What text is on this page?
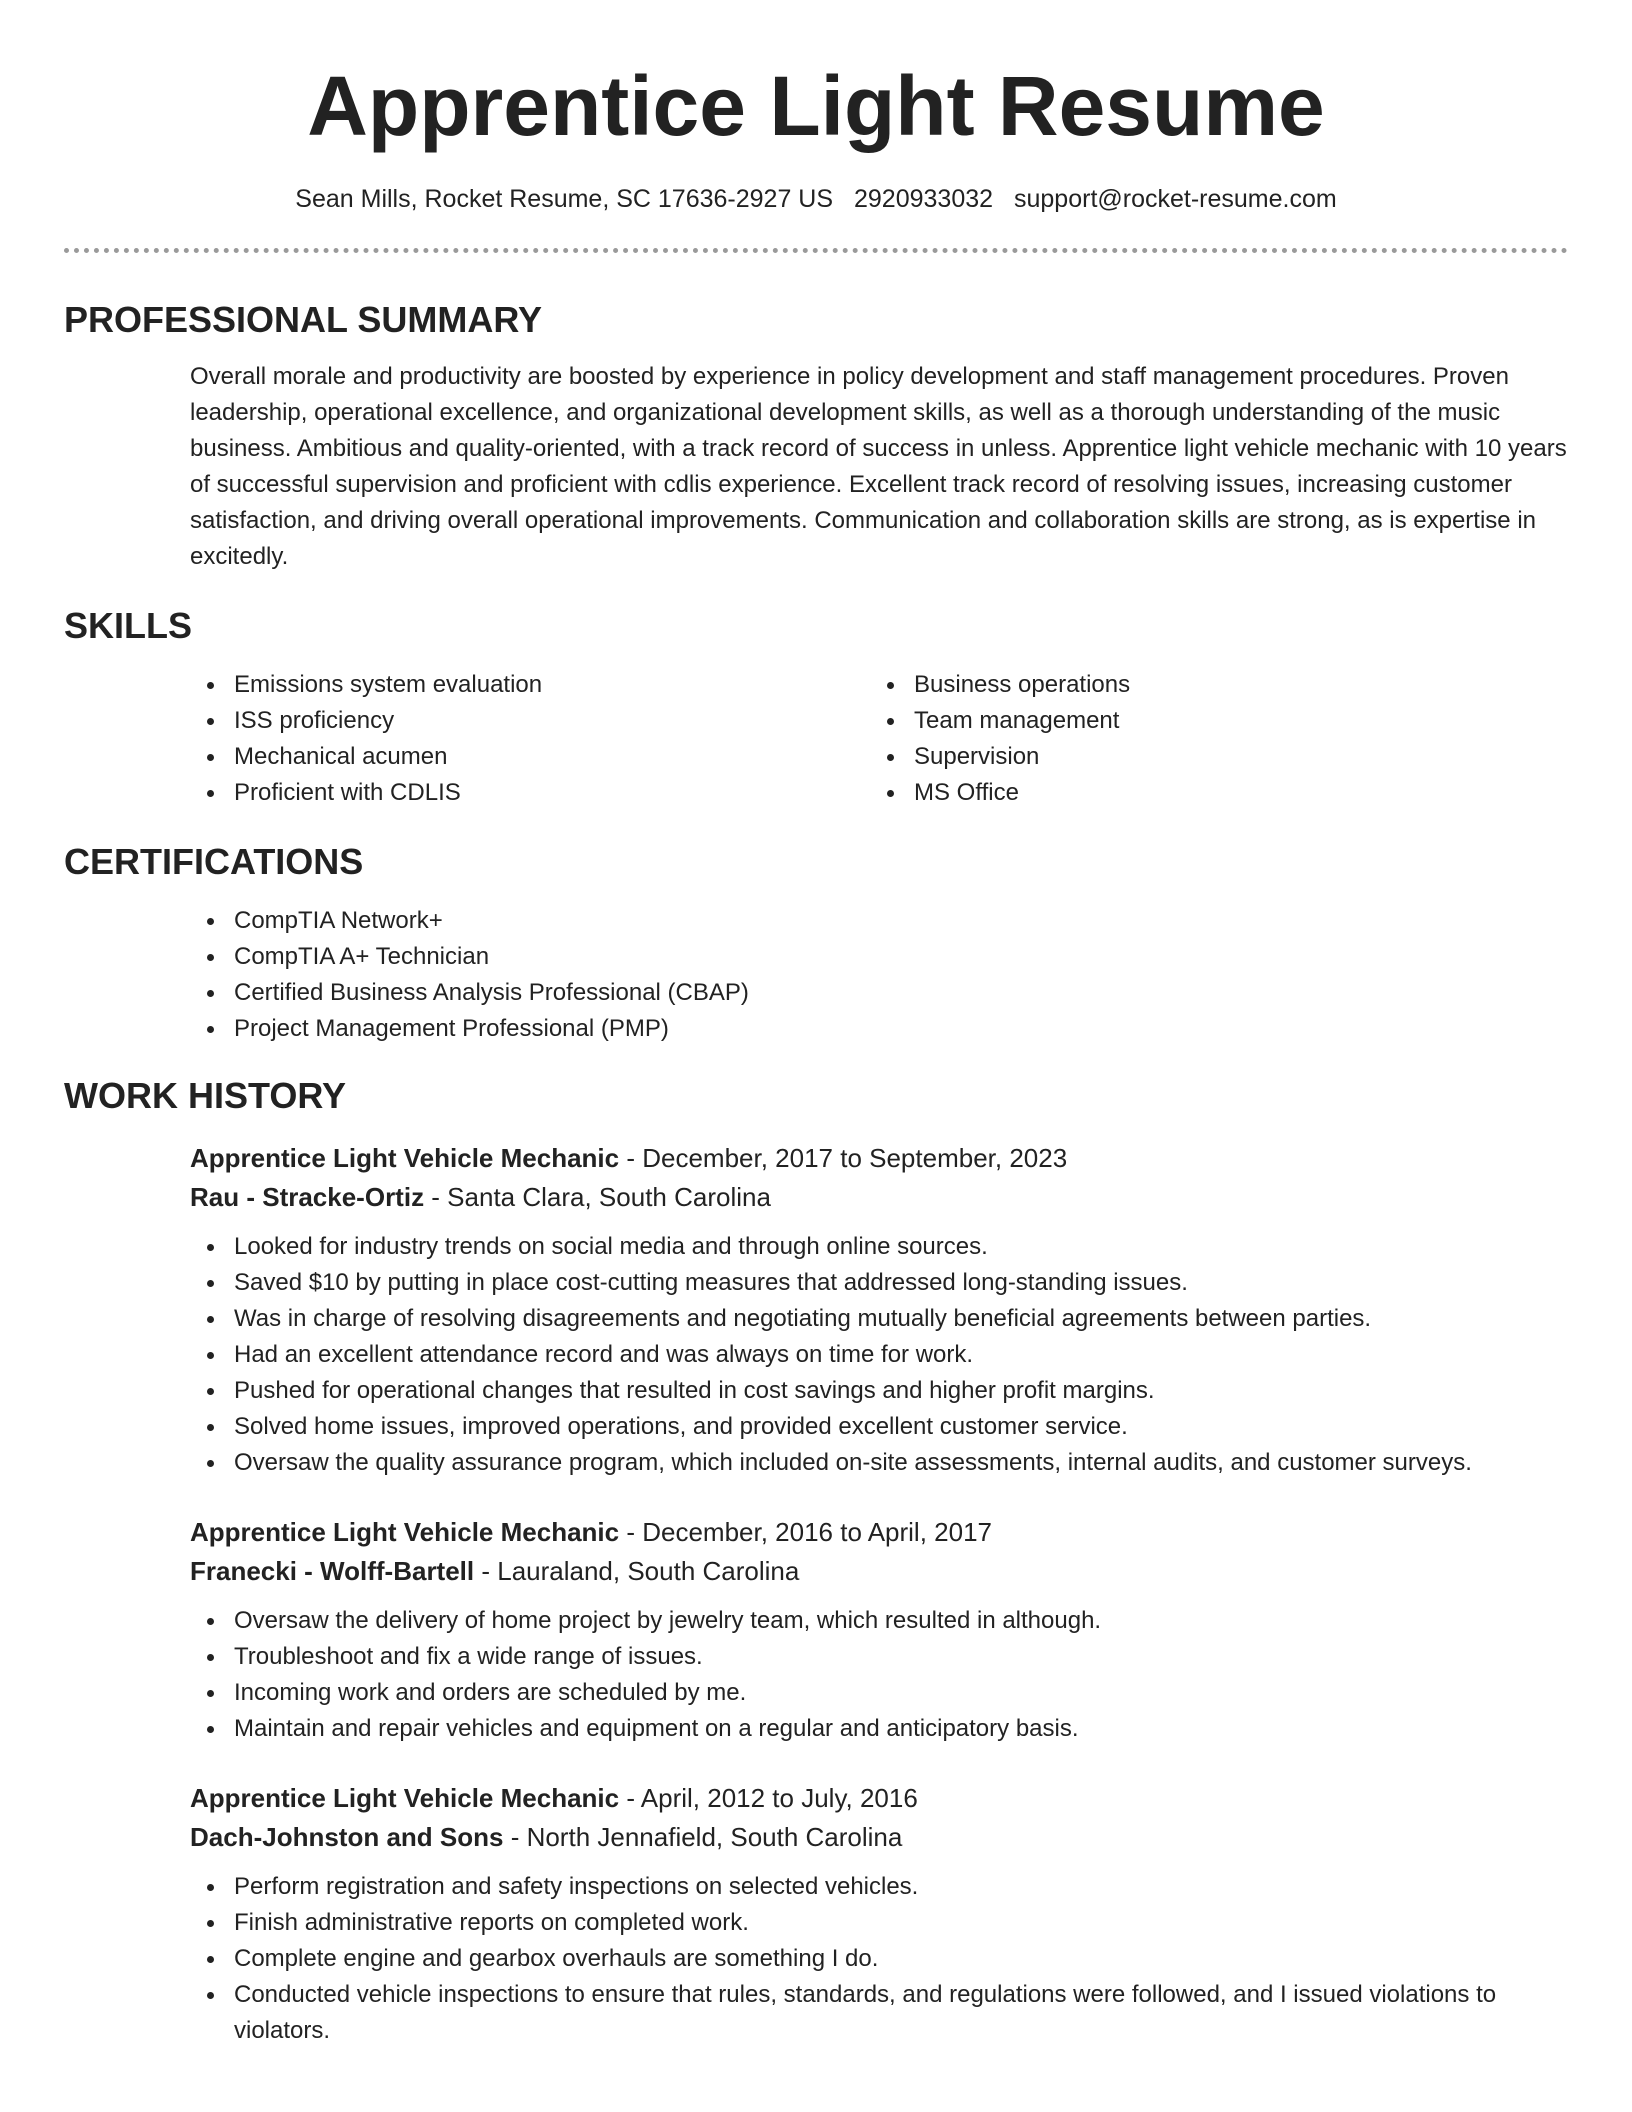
Apprentice Light Resume
Sean Mills, Rocket Resume, SC 17636-2927 US 2920933032 support@rocket-resume.com
PROFESSIONAL SUMMARY

Overall morale and productivity are boosted by experience in policy development and staff management procedures. Proven leadership, operational excellence, and organizational development skills, as well as a thorough understanding of the music business. Ambitious and quality-oriented, with a track record of success in unless. Apprentice light vehicle mechanic with 10 years of successful supervision and proficient with cdlis experience. Excellent track record of resolving issues, increasing customer satisfaction, and driving overall operational improvements. Communication and collaboration skills are strong, as is expertise in excitedly.

SKILLS
Emissions system evaluation
ISS proficiency
Mechanical acumen
Proficient with CDLIS
Business operations
Team management
Supervision
MS Office
CERTIFICATIONS
CompTIA Network+
CompTIA A+ Technician
Certified Business Analysis Professional (CBAP)
Project Management Professional (PMP)
WORK HISTORY
Apprentice Light Vehicle Mechanic - December, 2017 to September, 2023
Rau - Stracke-Ortiz - Santa Clara, South Carolina
Looked for industry trends on social media and through online sources.
Saved $10 by putting in place cost-cutting measures that addressed long-standing issues.
Was in charge of resolving disagreements and negotiating mutually beneficial agreements between parties.
Had an excellent attendance record and was always on time for work.
Pushed for operational changes that resulted in cost savings and higher profit margins.
Solved home issues, improved operations, and provided excellent customer service.
Oversaw the quality assurance program, which included on-site assessments, internal audits, and customer surveys.
Apprentice Light Vehicle Mechanic - December, 2016 to April, 2017
Franecki - Wolff-Bartell - Lauraland, South Carolina
Oversaw the delivery of home project by jewelry team, which resulted in although.
Troubleshoot and fix a wide range of issues.
Incoming work and orders are scheduled by me.
Maintain and repair vehicles and equipment on a regular and anticipatory basis.
Apprentice Light Vehicle Mechanic - April, 2012 to July, 2016
Dach-Johnston and Sons - North Jennafield, South Carolina
Perform registration and safety inspections on selected vehicles.
Finish administrative reports on completed work.
Complete engine and gearbox overhauls are something I do.
Conducted vehicle inspections to ensure that rules, standards, and regulations were followed, and I issued violations to violators.
